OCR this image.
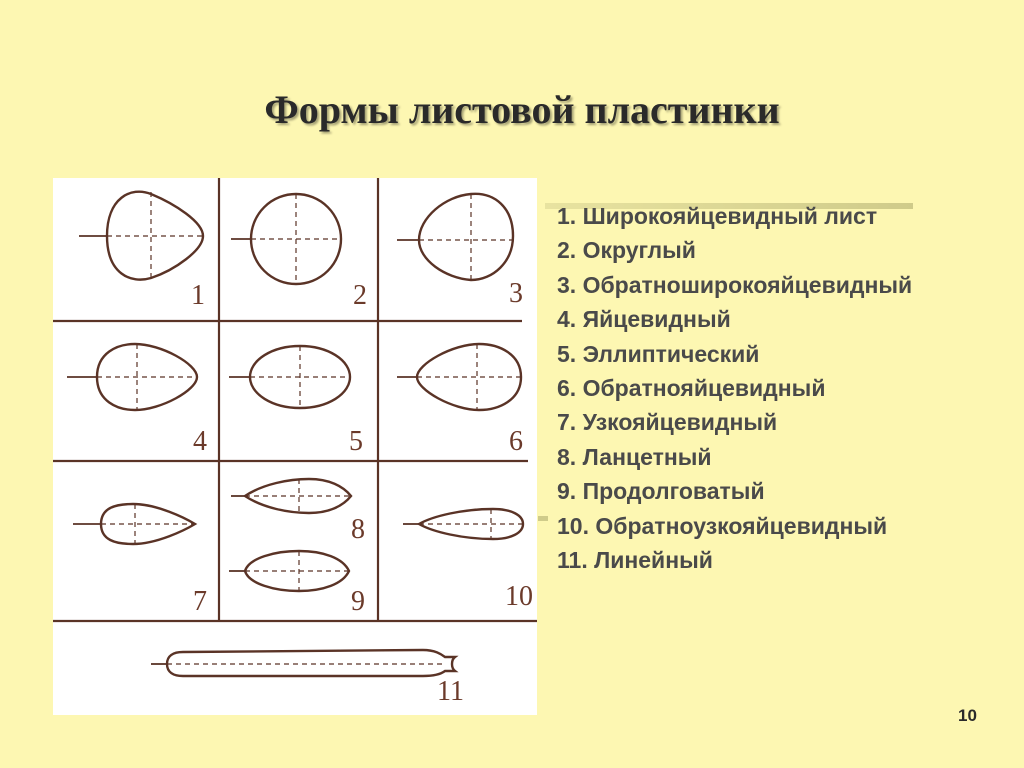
Формы листовой пластинки
1	2	3
4	5	6
7
8
9	10
11
1. Широкояйцевидный лист
2. Округлый
3. Обратноширокояйцевидный
4. Яйцевидный
5. Эллиптический
6. Обратнояйцевидный
7. Узкояйцевидный
8. Ланцетный
9. Продолговатый
10. Обратноузкояйцевидный
11. Линейный
10
